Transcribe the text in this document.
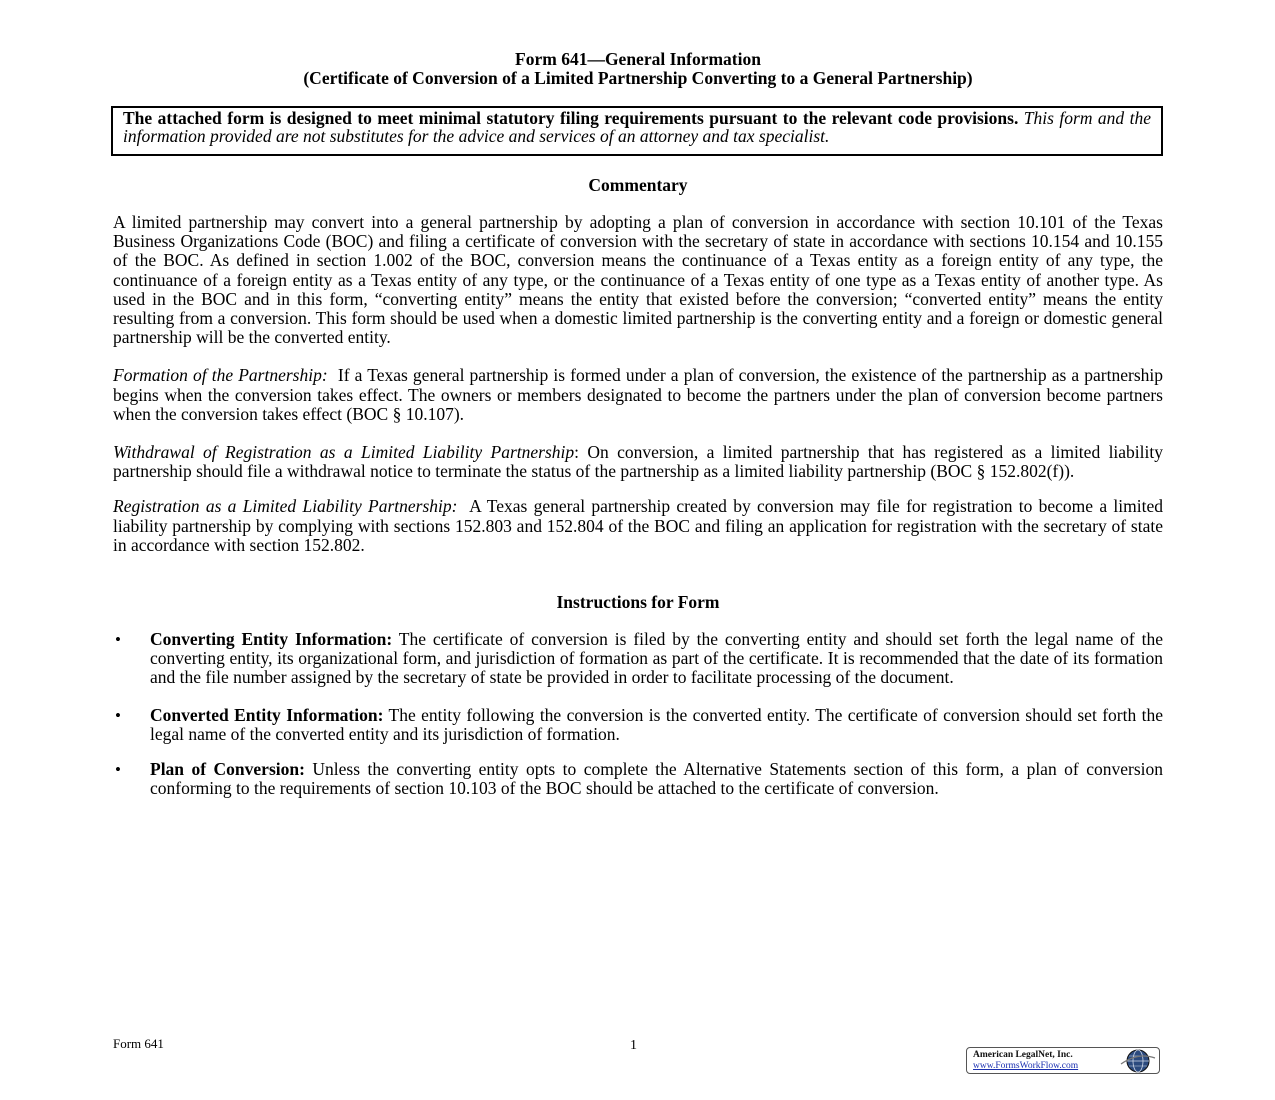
Form 641—General Information

(Certificate of Conversion of a Limited Partnership Converting to a General Partnership)

The attached form is designed to meet minimal statutory filing requirements pursuant to the relevant code provisions. This form and the information provided are not substitutes for the advice and services of an attorney and tax specialist.

Commentary

A limited partnership may convert into a general partnership by adopting a plan of conversion in accordance with section 10.101 of the Texas Business Organizations Code (BOC) and filing a certificate of conversion with the secretary of state in accordance with sections 10.154 and 10.155 of the BOC. As defined in section 1.002 of the BOC, conversion means the continuance of a Texas entity as a foreign entity of any type, the continuance of a foreign entity as a Texas entity of any type, or the continuance of a Texas entity of one type as a Texas entity of another type. As used in the BOC and in this form, “converting entity” means the entity that existed before the conversion; “converted entity” means the entity resulting from a conversion. This form should be used when a domestic limited partnership is the converting entity and a foreign or domestic general partnership will be the converted entity.

Formation of the Partnership: If a Texas general partnership is formed under a plan of conversion, the existence of the partnership as a partnership begins when the conversion takes effect. The owners or members designated to become the partners under the plan of conversion become partners when the conversion takes effect (BOC § 10.107).

Withdrawal of Registration as a Limited Liability Partnership: On conversion, a limited partnership that has registered as a limited liability partnership should file a withdrawal notice to terminate the status of the partnership as a limited liability partnership (BOC § 152.802(f)).

Registration as a Limited Liability Partnership: A Texas general partnership created by conversion may file for registration to become a limited liability partnership by complying with sections 152.803 and 152.804 of the BOC and filing an application for registration with the secretary of state in accordance with section 152.802.

Instructions for Form

• Converting Entity Information: The certificate of conversion is filed by the converting entity and should set forth the legal name of the converting entity, its organizational form, and jurisdiction of formation as part of the certificate. It is recommended that the date of its formation and the file number assigned by the secretary of state be provided in order to facilitate processing of the document.
• Converted Entity Information: The entity following the conversion is the converted entity. The certificate of conversion should set forth the legal name of the converted entity and its jurisdiction of formation.
• Plan of Conversion: Unless the converting entity opts to complete the Alternative Statements section of this form, a plan of conversion conforming to the requirements of section 10.103 of the BOC should be attached to the certificate of conversion.
Form 641	1
American LegalNet, Inc.
www.FormsWorkFlow.com
